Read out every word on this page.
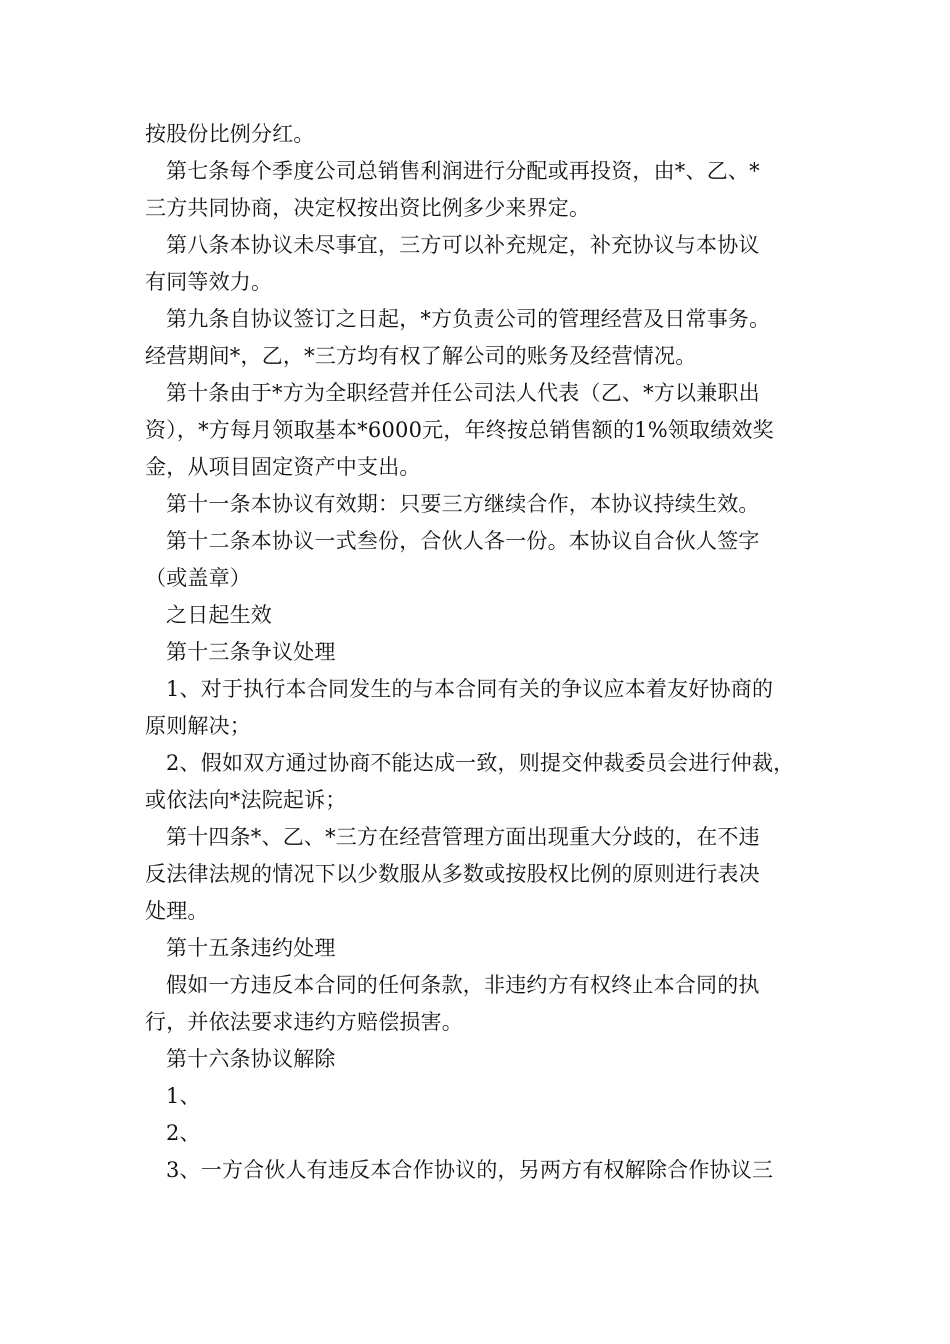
按股份比例分红。
第七条每个季度公司总销售利润进行分配或再投资，由*、乙、*
三方共同协商，决定权按出资比例多少来界定。
第八条本协议未尽事宜，三方可以补充规定，补充协议与本协议
有同等效力。
第九条自协议签订之日起，*方负责公司的管理经营及日常事务。
经营期间*，乙，*三方均有权了解公司的账务及经营情况。
第十条由于*方为全职经营并任公司法人代表（乙、*方以兼职出
资），*方每月领取基本*6000元，年终按总销售额的1%领取绩效奖
金，从项目固定资产中支出。
第十一条本协议有效期：只要三方继续合作，本协议持续生效。
第十二条本协议一式叁份，合伙人各一份。本协议自合伙人签字
（或盖章）
之日起生效
第十三条争议处理
1、对于执行本合同发生的与本合同有关的争议应本着友好协商的
原则解决；
2、假如双方通过协商不能达成一致，则提交仲裁委员会进行仲裁，
或依法向*法院起诉；
第十四条*、乙、*三方在经营管理方面出现重大分歧的，在不违
反法律法规的情况下以少数服从多数或按股权比例的原则进行表决
处理。
第十五条违约处理
假如一方违反本合同的任何条款，非违约方有权终止本合同的执
行，并依法要求违约方赔偿损害。
第十六条协议解除
1、
2、
3、一方合伙人有违反本合作协议的，另两方有权解除合作协议三
